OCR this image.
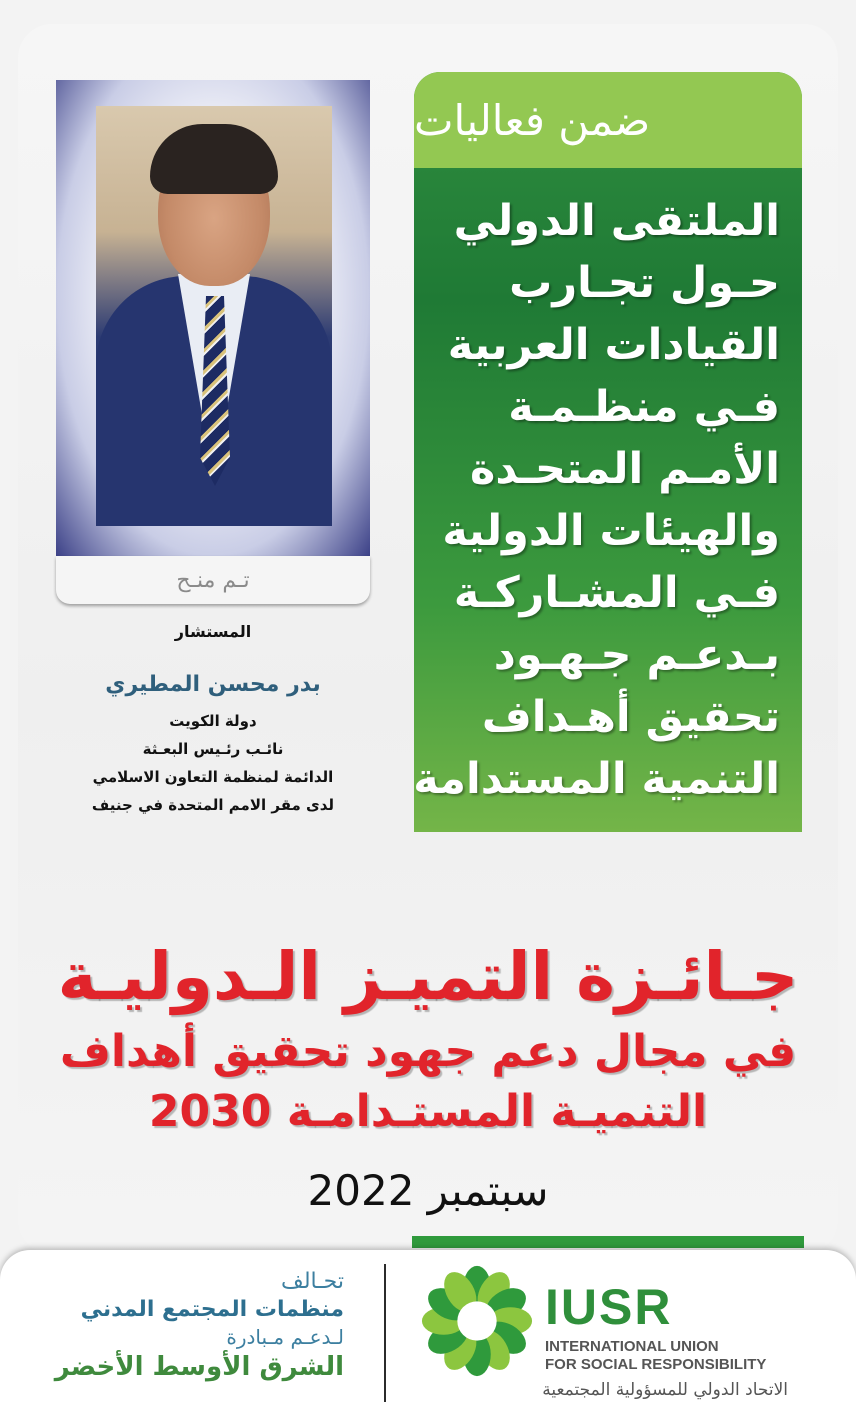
تـم منـح
المستشار
بدر محسن المطيري
دولة الكويت
نائـب رئـيس البعـثة
الدائمة لمنظمة التعاون الاسلامي
لدى مقر الامم المتحدة في جنيف
ضمن فعاليات
الملتقى الدولي
حـول تجـارب
القيادات العربية
فـي منظـمـة
الأمـم المتحـدة
والهيئات الدولية
فـي المشـاركـة
بـدعـم جـهـود
تحقيق أهـداف
التنمية المستدامة
جـائـزة التميـز الـدوليـة
في مجال دعم جهود تحقيق أهداف
التنميـة المستـدامـة 2030
سبتمبر 2022
تحـالف
منظمات المجتمع المدني
لـدعـم مـبادرة
الشرق الأوسط الأخضر
IUSR
INTERNATIONAL UNION
FOR SOCIAL RESPONSIBILITY
الاتحاد الدولي للمسؤولية المجتمعية
